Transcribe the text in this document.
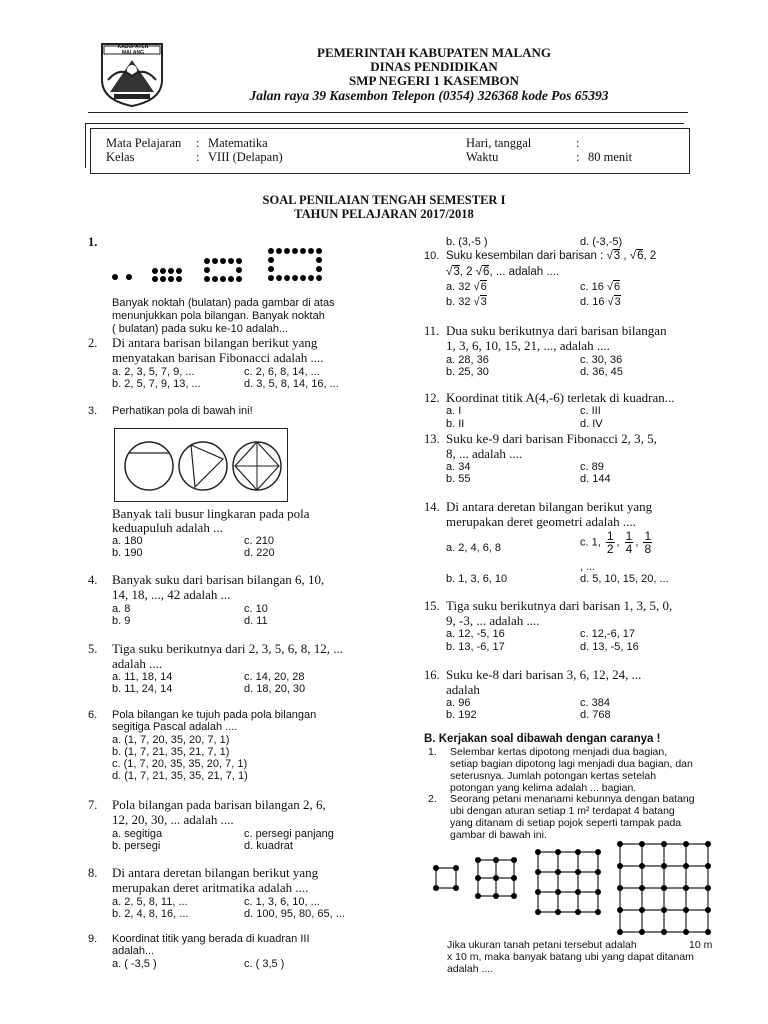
KABUPATEN MALANG	PEMERINTAH KABUPATEN MALANG
DINAS PENDIDIKAN
SMP NEGERI 1 KASEMBON
Jalan raya 39 Kasembon Telepon (0354) 326368 kode Pos 65393
Mata Pelajaran : Matematika
Kelas	: VIII (Delapan)
Hari, tanggal	:
Waktu	: 80 menit
SOAL PENILAIAN TENGAH SEMESTER I
TAHUN PELAJARAN 2017/2018
1.
Banyak noktah (bulatan) pada gambar di atas
menunjukkan pola bilangan. Banyak noktah
( bulatan) pada suku ke-10 adalah...
2. Di antara barisan bilangan berikut yang
menyatakan barisan Fibonacci adalah ....
a. 2, 3, 5, 7, 9, ...	c. 2, 6, 8, 14, ...
b. 2, 5, 7, 9, 13, ...	d. 3, 5, 8, 14, 16, ...
3. Perhatikan pola di bawah ini!
Banyak tali busur lingkaran pada pola
keduapuluh adalah ...
a. 180	c. 210
b. 190	d. 220
4. Banyak suku dari barisan bilangan 6, 10,
14, 18, ..., 42 adalah ...
a. 8	c. 10
b. 9	d. 11
5. Tiga suku berikutnya dari 2, 3, 5, 6, 8, 12, ...
adalah ....
a. 11, 18, 14	c. 14, 20, 28
b. 11, 24, 14	d. 18, 20, 30
6. Pola bilangan ke tujuh pada pola bilangan
segitiga Pascal adalah ....
a. (1, 7, 20, 35, 20, 7, 1)
b. (1, 7, 21, 35, 21, 7, 1)
c. (1, 7, 20, 35, 35, 20, 7, 1)
d. (1, 7, 21, 35, 35, 21, 7, 1)
7. Pola bilangan pada barisan bilangan 2, 6,
12, 20, 30, ... adalah ....
a. segitiga	c. persegi panjang
b. persegi	d. kuadrat
8. Di antara deretan bilangan berikut yang
merupakan deret aritmatika adalah ....
a. 2, 5, 8, 11, ...	c. 1, 3, 6, 10, ...
b. 2, 4, 8, 16, ...	d. 100, 95, 80, 65, ...
9. Koordinat titik yang berada di kuadran III
adalah...
a. ( -3,5 )	c. ( 3,5 )
b. (3,-5 )	d. (-3,-5)
10. Suku kesembilan dari barisan : √3 , √6, 2
√3, 2 √6, ... adalah ....
a. 32 √6	c. 16 √6
b. 32 √3	d. 16 √3
11. Dua suku berikutnya dari barisan bilangan
1, 3, 6, 10, 15, 21, ..., adalah ....
a. 28, 36	c. 30, 36
b. 25, 30	d. 36, 45
12. Koordinat titik A(4,-6) terletak di kuadran...
a. I	c. III
b. II	d. IV
13. Suku ke-9 dari barisan Fibonacci 2, 3, 5,
8, ... adalah ....
a. 34	c. 89
b. 55	d. 144
14. Di antara deretan bilangan berikut yang
merupakan deret geometri adalah ....
a. 2, 4, 6, 8	c. 1, $\frac{1}{2}$ , $\frac{1}{4}$ , $\frac{1}{8}$
, ...
b. 1, 3, 6, 10	d. 5, 10, 15, 20, ...
15. Tiga suku berikutnya dari barisan 1, 3, 5, 0,
9, -3, ... adalah ....
a. 12, -5, 16	c. 12,-6, 17
b. 13, -6, 17	d. 13, -5, 16
16. Suku ke-8 dari barisan 3, 6, 12, 24, ...
adalah
a. 96	c. 384
b. 192	d. 768
B. Kerjakan soal dibawah dengan caranya !
1. Selembar kertas dipotong menjadi dua bagian,
setiap bagian dipotong lagi menjadi dua bagian, dan
seterusnya. Jumlah potongan kertas setelah
potongan yang kelima adalah ... bagian.
2. Seorang petani menanami kebunnya dengan batang
ubi dengan aturan setiap 1 m² terdapat 4 batang
yang ditanam di setiap pojok seperti tampak pada
gambar di bawah ini.
Jika ukuran tanah petani tersebut adalah	10 m
x 10 m, maka banyak batang ubi yang dapat ditanam
adalah ....
